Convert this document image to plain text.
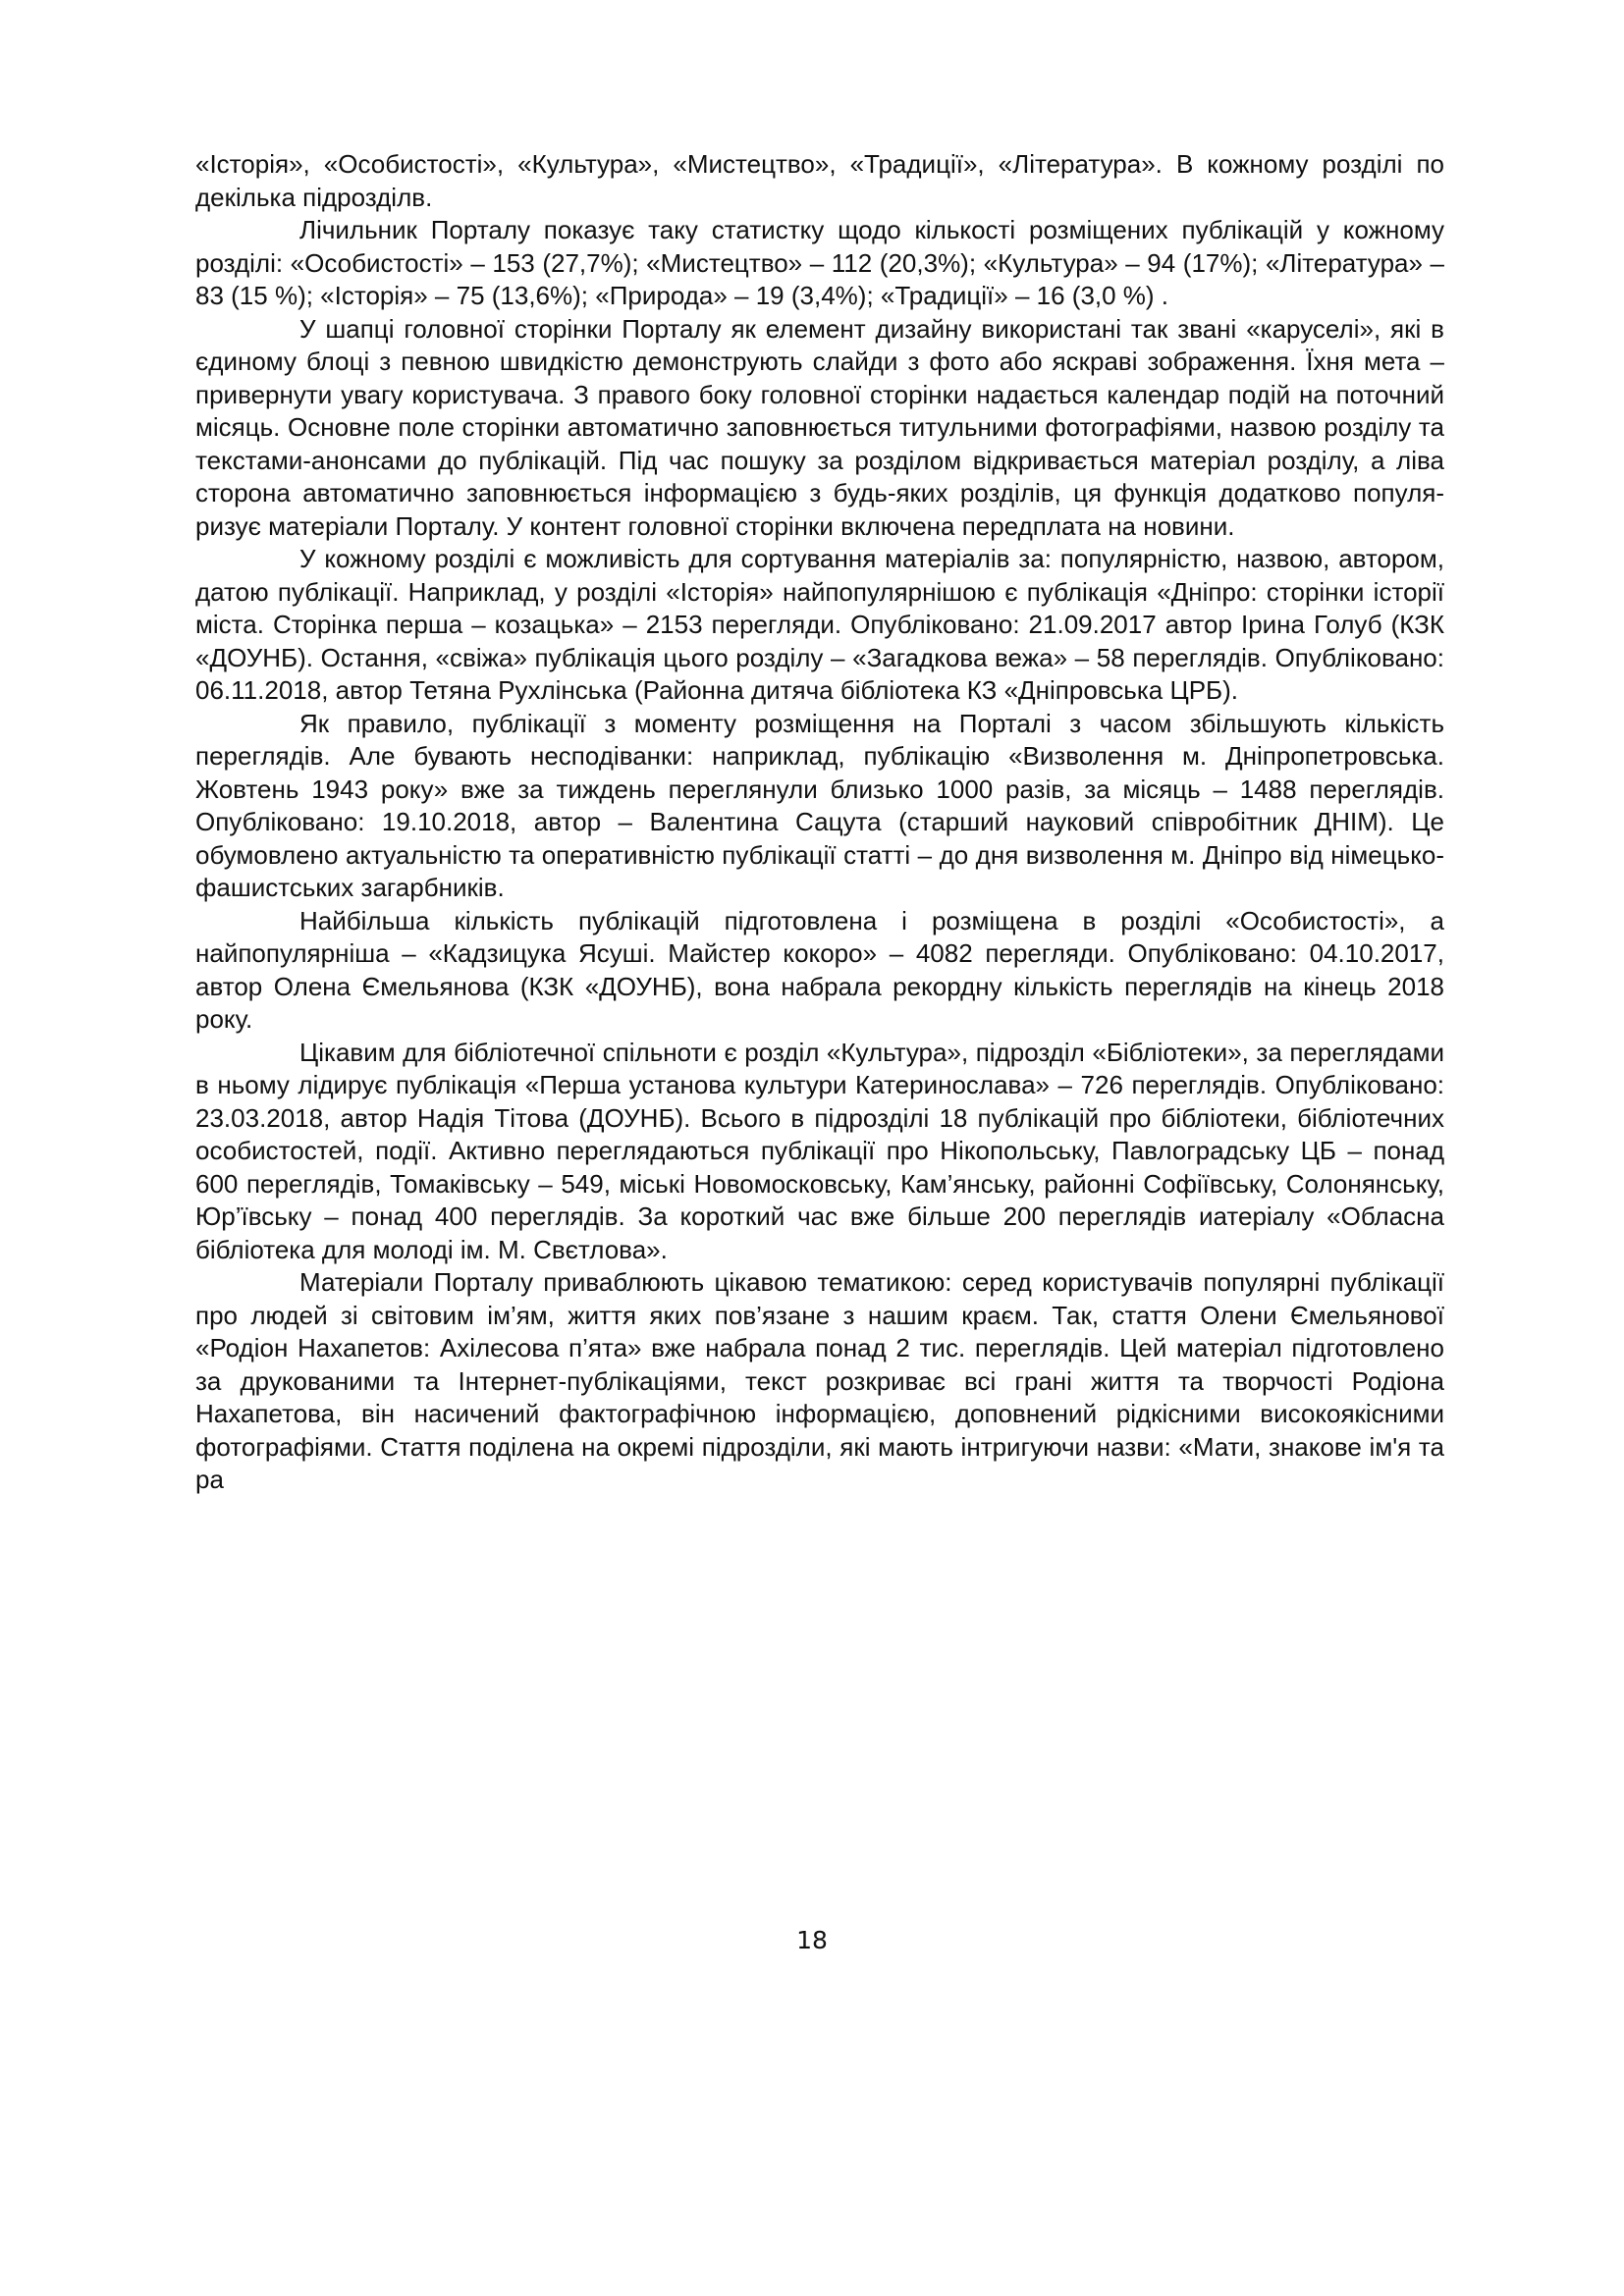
«Історія», «Особистості», «Культура», «Мистецтво», «Традиції», «Література». В кожному розділі по декілька підрозділв.

Лічильник Порталу показує таку статистку щодо кількості розміщених публікацій у кожному розділі: «Особистості» – 153 (27,7%); «Мистецтво» – 112 (20,3%); «Культура» – 94 (17%); «Література» – 83 (15 %); «Історія» – 75 (13,6%); «Природа» – 19 (3,4%); «Традиції» – 16 (3,0 %) .

У шапці головної сторінки Порталу як елемент дизайну використані так звані «каруселі», які в єдиному блоці з певною швидкістю демонструють слайди з фото або яскраві зображення. Їхня мета – привернути увагу користувача. З правого боку головної сторінки надається календар подій на поточний місяць. Основне поле сторінки автоматично заповнюється титульними фотографіями, назвою розділу та текстами-анонсами до публікацій. Під час пошуку за розділом відкривається матеріал розділу, а ліва сторона автоматично заповнюється інформацією з будь-яких розділів, ця функція додатково популяризує матеріали Порталу. У контент головної сторінки включена передплата на новини.

У кожному розділі є можливість для сортування матеріалів за: популярністю, назвою, автором, датою публікації. Наприклад, у розділі «Історія» найпопулярнішою є публікація «Дніпро: сторінки історії міста. Сторінка перша – козацька» – 2153 перегляди. Опубліковано: 21.09.2017 автор Ірина Голуб (КЗК «ДОУНБ). Остання, «свіжа» публікація цього розділу – «Загадкова вежа» – 58 переглядів. Опубліковано: 06.11.2018, автор Тетяна Рухлінська (Районна дитяча бібліотека КЗ «Дніпровська ЦРБ).

Як правило, публікації з моменту розміщення на Порталі з часом збільшують кількість переглядів. Але бувають несподіванки: наприклад, публікацію «Визволення м. Дніпропетровська. Жовтень 1943 року» вже за тиждень переглянули близько 1000 разів, за місяць – 1488 переглядів. Опубліковано: 19.10.2018, автор – Валентина Сацута (старший науковий співробітник ДНІМ). Це обумовлено актуальністю та оперативністю публікації статті – до дня визволення м. Дніпро від німецько-фашистських загарбників.

Найбільша кількість публікацій підготовлена і розміщена в розділі «Особистості», а найпопулярніша – «Кадзицука Ясуші. Майстер кокоро» – 4082 перегляди. Опубліковано: 04.10.2017, автор Олена Ємельянова (КЗК «ДОУНБ), вона набрала рекордну кількість переглядів на кінець 2018 року.

Цікавим для бібліотечної спільноти є розділ «Культура», підрозділ «Бібліотеки», за переглядами в ньому лідирує публікація «Перша установа культури Катеринослава» – 726 переглядів. Опубліковано: 23.03.2018, автор Надія Тітова (ДОУНБ). Всього в підрозділі 18 публікацій про бібліотеки, бібліотечних особистостей, події. Активно переглядаються публікації про Нікопольську, Павлоградську ЦБ – понад 600 переглядів, Томаківську – 549, міські Новомосковську, Кам’янську, районні Софіївську, Солонянську, Юр’ївську – понад 400 переглядів. За короткий час вже більше 200 переглядів иатеріалу «Обласна бібліотека для молоді ім. М. Свєтлова».

Матеріали Порталу приваблюють цікавою тематикою: серед користувачів популярні публікації про людей зі світовим ім’ям, життя яких пов’язане з нашим краєм. Так, стаття Олени Ємельянової «Родіон Нахапетов: Ахілесова п’ята» вже набрала понад 2 тис. переглядів. Цей матеріал підготовлено за друкованими та Інтернет-публікаціями, текст розкриває всі грані життя та творчості Родіона Нахапетова, він насичений фактографічною інформацією, доповнений рідкісними високоякісними фотографіями. Стаття поділена на окремі підрозділи, які мають інтригуючи назви: «Мати, знакове ім'я та ра

18
